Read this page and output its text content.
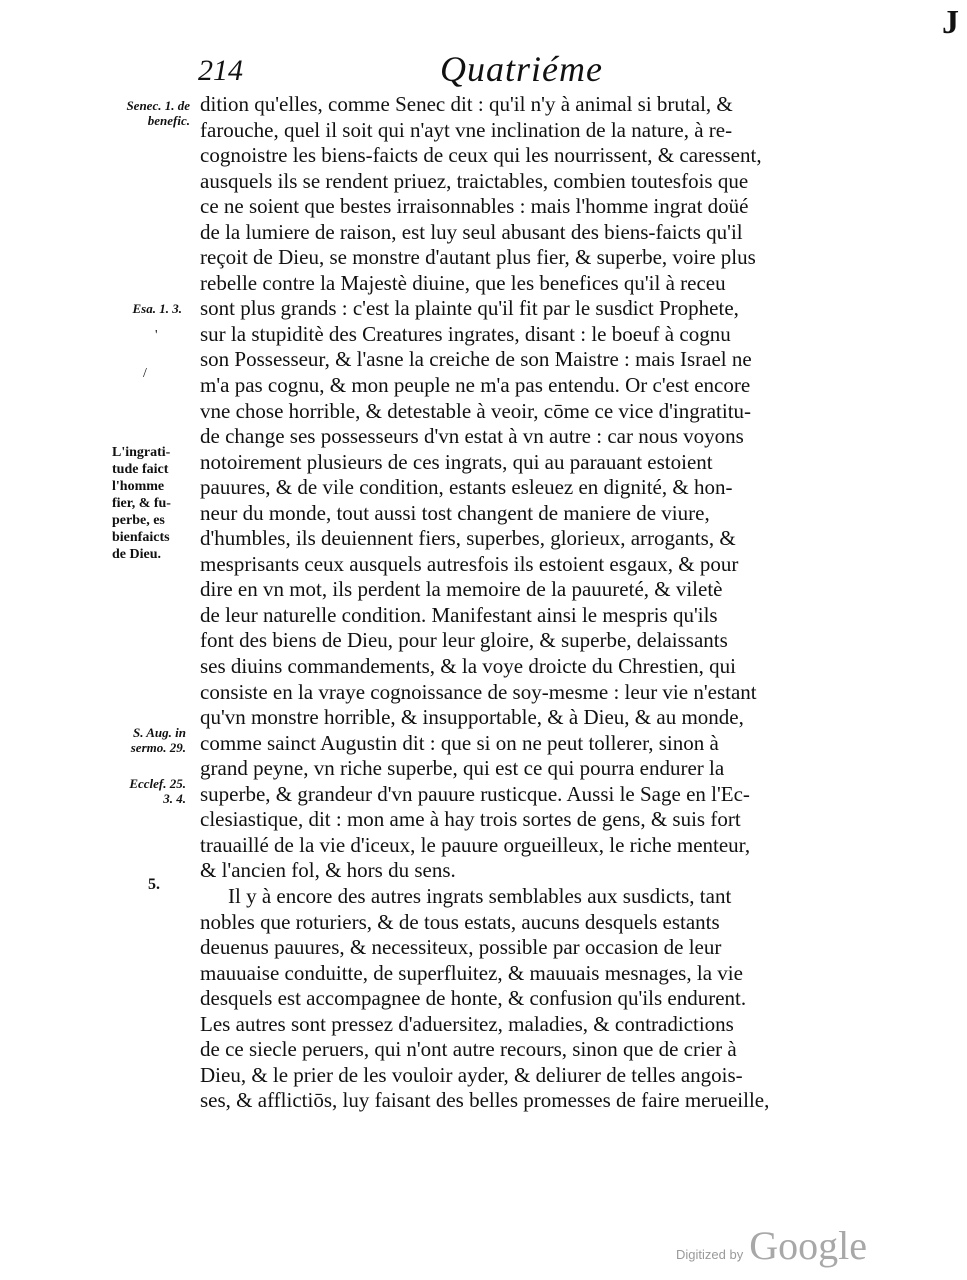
J
214	Quatriéme
Senec. 1. de
benefic.
Esa. 1. 3.
S. Aug. in
sermo. 29.
Ecclef. 25.
3. 4.
'
/
L'ingrati-
tude faict
l'homme
fier, & fu-
perbe, es
bienfaicts
de Dieu.
5.
dition qu'elles, comme Senec dit : qu'il n'y à animal si brutal, &
farouche, quel il soit qui n'ayt vne inclination de la nature, à re-
cognoistre les biens-faicts de ceux qui les nourrissent, & caressent,
ausquels ils se rendent priuez, traictables, combien toutesfois que
ce ne soient que bestes irraisonnables : mais l'homme ingrat doüé
de la lumiere de raison, est luy seul abusant des biens-faicts qu'il
reçoit de Dieu, se monstre d'autant plus fier, & superbe, voire plus
rebelle contre la Majestè diuine, que les benefices qu'il à receu
sont plus grands : c'est la plainte qu'il fit par le susdict Prophete,
sur la stupiditè des Creatures ingrates, disant : le boeuf à cognu
son Possesseur, & l'asne la creiche de son Maistre : mais Israel ne
m'a pas cognu, & mon peuple ne m'a pas entendu. Or c'est encore
vne chose horrible, & detestable à veoir, cōme ce vice d'ingratitu-
de change ses possesseurs d'vn estat à vn autre : car nous voyons
notoirement plusieurs de ces ingrats, qui au parauant estoient
pauures, & de vile condition, estants esleuez en dignité, & hon-
neur du monde, tout aussi tost changent de maniere de viure,
d'humbles, ils deuiennent fiers, superbes, glorieux, arrogants, &
mesprisants ceux ausquels autresfois ils estoient esgaux, & pour
dire en vn mot, ils perdent la memoire de la pauureté, & viletè
de leur naturelle condition. Manifestant ainsi le mespris qu'ils
font des biens de Dieu, pour leur gloire, & superbe, delaissants
ses diuins commandements, & la voye droicte du Chrestien, qui
consiste en la vraye cognoissance de soy-mesme : leur vie n'estant
qu'vn monstre horrible, & insupportable, & à Dieu, & au monde,
comme sainct Augustin dit : que si on ne peut tollerer, sinon à
grand peyne, vn riche superbe, qui est ce qui pourra endurer la
superbe, & grandeur d'vn pauure rusticque. Aussi le Sage en l'Ec-
clesiastique, dit : mon ame à hay trois sortes de gens, & suis fort
trauaillé de la vie d'iceux, le pauure orgueilleux, le riche menteur,
& l'ancien fol, & hors du sens.
Il y à encore des autres ingrats semblables aux susdicts, tant
nobles que roturiers, & de tous estats, aucuns desquels estants
deuenus pauures, & necessiteux, possible par occasion de leur
mauuaise conduitte, de superfluitez, & mauuais mesnages, la vie
desquels est accompagnee de honte, & confusion qu'ils endurent.
Les autres sont pressez d'aduersitez, maladies, & contradictions
de ce siecle peruers, qui n'ont autre recours, sinon que de crier à
Dieu, & le prier de les vouloir ayder, & deliurer de telles angois-
ses, & afflictiōs, luy faisant des belles promesses de faire merueille,
Digitized by Google
